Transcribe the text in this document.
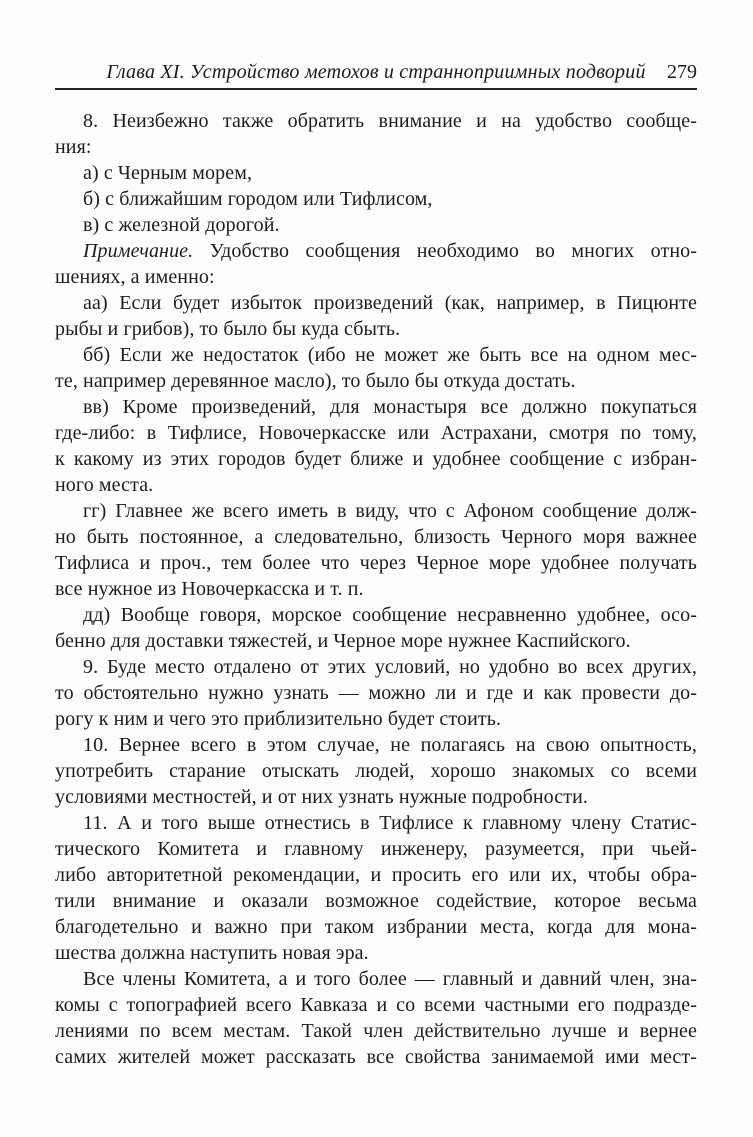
Глава XI. Устройство метохов и странноприимных подворий 279
8. Неизбежно также обратить внимание и на удобство сообще-
ния:
а) с Черным морем,
б) с ближайшим городом или Тифлисом,
в) с железной дорогой.
Примечание. Удобство сообщения необходимо во многих отно-
шениях, а именно:
аа) Если будет избыток произведений (как, например, в Пицюнте
рыбы и грибов), то было бы куда сбыть.
бб) Если же недостаток (ибо не может же быть все на одном мес-
те, например деревянное масло), то было бы откуда достать.
вв) Кроме произведений, для монастыря все должно покупаться
где-либо: в Тифлисе, Новочеркасске или Астрахани, смотря по тому,
к какому из этих городов будет ближе и удобнее сообщение с избран-
ного места.
гг) Главнее же всего иметь в виду, что с Афоном сообщение долж-
но быть постоянное, а следовательно, близость Черного моря важнее
Тифлиса и проч., тем более что через Черное море удобнее получать
все нужное из Новочеркасска и т. п.
дд) Вообще говоря, морское сообщение несравненно удобнее, осо-
бенно для доставки тяжестей, и Черное море нужнее Каспийского.
9. Буде место отдалено от этих условий, но удобно во всех других,
то обстоятельно нужно узнать — можно ли и где и как провести до-
рогу к ним и чего это приблизительно будет стоить.
10. Вернее всего в этом случае, не полагаясь на свою опытность,
употребить старание отыскать людей, хорошо знакомых со всеми
условиями местностей, и от них узнать нужные подробности.
11. А и того выше отнестись в Тифлисе к главному члену Статис-
тического Комитета и главному инженеру, разумеется, при чьей-
либо авторитетной рекомендации, и просить его или их, чтобы обра-
тили внимание и оказали возможное содействие, которое весьма
благодетельно и важно при таком избрании места, когда для мона-
шества должна наступить новая эра.
Все члены Комитета, а и того более — главный и давний член, зна-
комы с топографией всего Кавказа и со всеми частными его подразде-
лениями по всем местам. Такой член действительно лучше и вернее
самих жителей может рассказать все свойства занимаемой ими мест-
